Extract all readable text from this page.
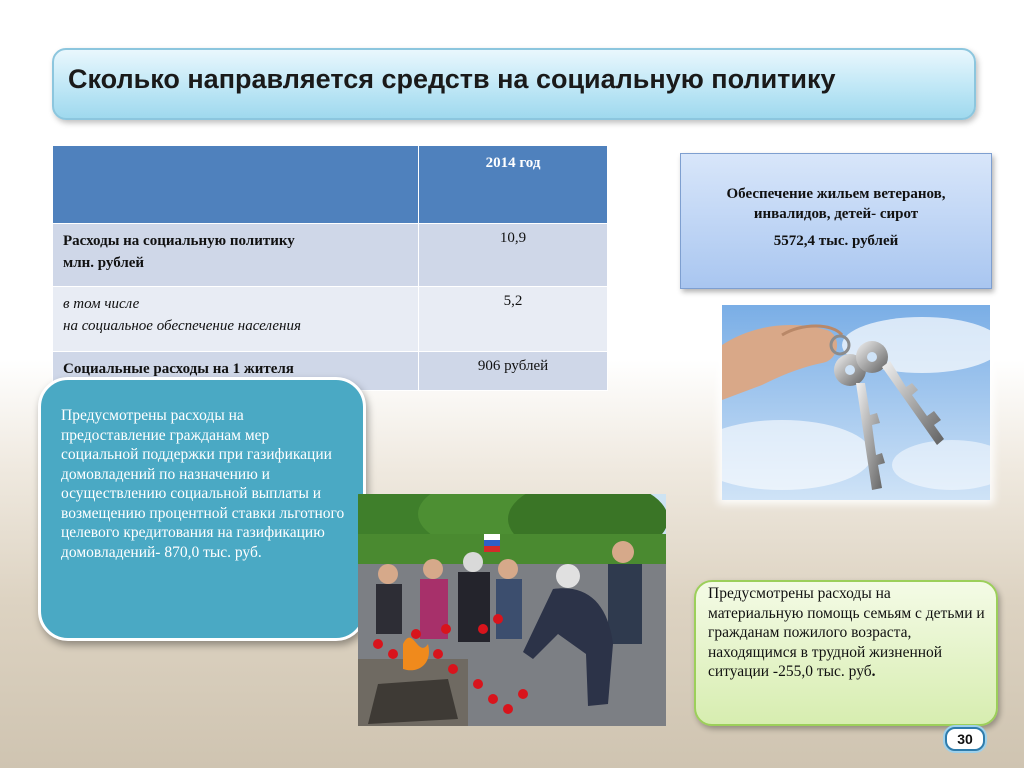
Сколько направляется средств на социальную политику
	2014 год
Расходы на социальную политику
млн. рублей	10,9
в том числе
на социальное обеспечение населения	5,2
Социальные расходы на 1 жителя	906 рублей
Обеспечение жильем ветеранов,
инвалидов, детей- сирот
5572,4 тыс. рублей

Предусмотрены расходы на предоставление гражданам мер социальной поддержки при газификации домовладений по назначению и осуществлению социальной выплаты и возмещению процентной ставки льготного целевого кредитования на газификацию домовладений- 870,0 тыс. руб.

Предусмотрены расходы на материальную помощь семьям с детьми и гражданам пожилого возраста, находящимся в трудной жизненной ситуации -255,0 тыс. руб.

30
